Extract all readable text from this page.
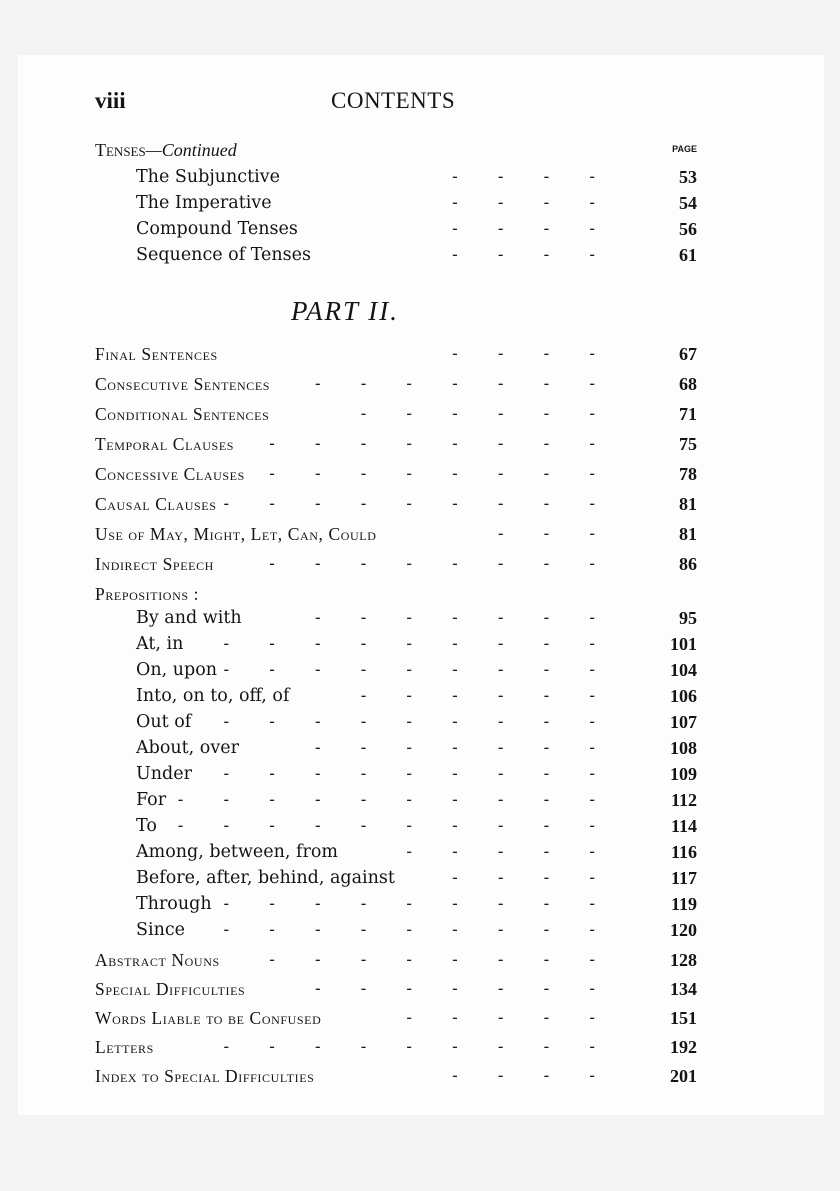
viii	CONTENTS
Tenses—Continued	PAGE
The Subjunctive	- - - -	53
The Imperative	- - - -	54
Compound Tenses	- - - -	56
Sequence of Tenses	- - - -	61
PART II.
Final Sentences	- - - -	67
Consecutive Sentences	- - - - - - -	68
Conditional Sentences	- - - - - -	71
Temporal Clauses - - - - - - - -	75
Concessive Clauses - - - - - - - -	78
Causal Clauses - - - - - - - - -	81
Use of May, Might, Let, Can, Could	- - -	81
Indirect Speech	- - - - - - - -	86
Prepositions :
By and with	- - - - - - -	95
At, in	- - - - - - - - -	101
On, upon - - - - - - - - -	104
Into, on to, off, of	- - - - - -	106
Out of - - - - - - - - -	107
About, over	- - - - - - -	108
Under - - - - - - - - -	109
For - - - - - - - - - -	112
To - - - - - - - - - -	114
Among, between, from	- - - - -	116
Before, after, behind, against	- - - -	117
Through - - - - - - - - -	119
Since - - - - - - - - -	120
Abstract Nouns	- - - - - - - -	128
Special Difficulties	- - - - - - -	134
Words Liable to be Confused	- - - - -	151
Letters	- - - - - - - - -	192
Index to Special Difficulties	- - - -	201
